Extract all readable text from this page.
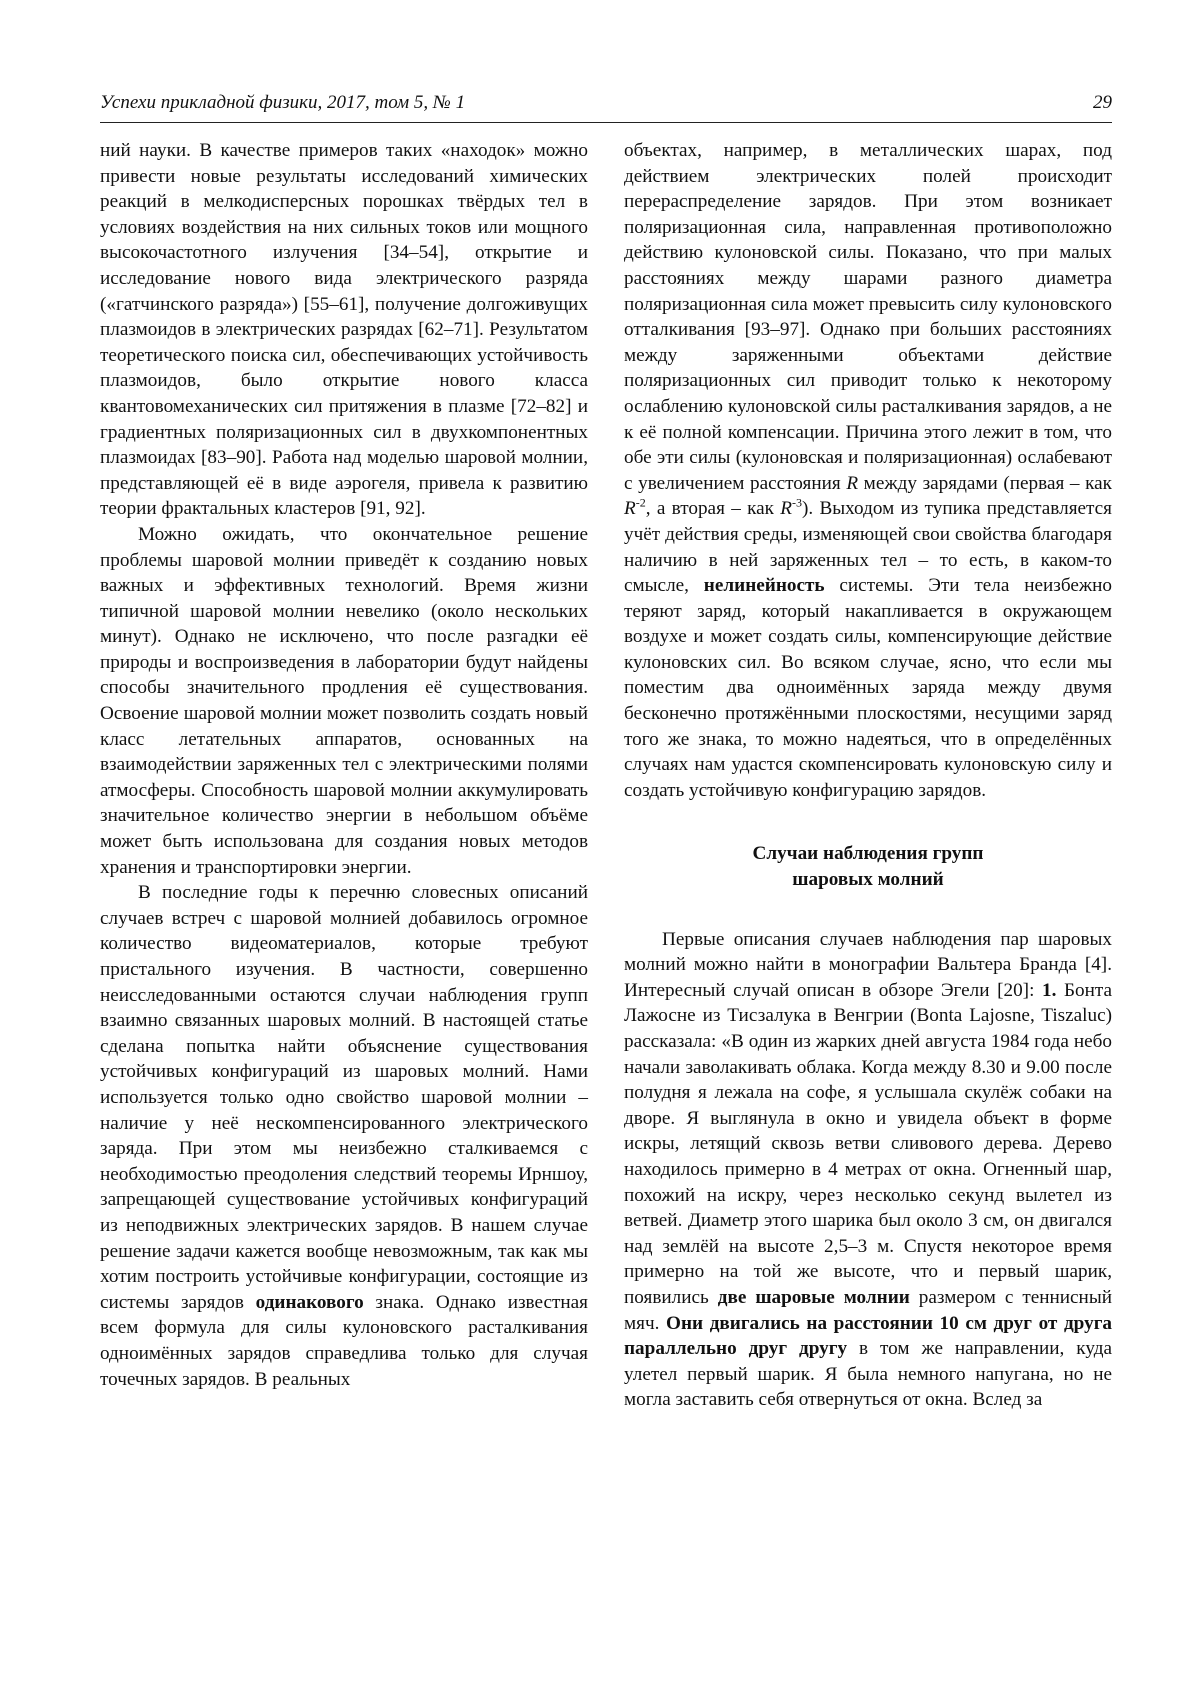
Успехи прикладной физики, 2017, том 5, № 1	29

ний науки. В качестве примеров таких «находок» можно привести новые результаты исследований химических реакций в мелкодисперсных порошках твёрдых тел в условиях воздействия на них сильных токов или мощного высокочастотного излучения [34–54], открытие и исследование нового вида электрического разряда («гатчинского разряда») [55–61], получение долгоживущих плазмоидов в электрических разрядах [62–71]. Результатом теоретического поиска сил, обеспечивающих устойчивость плазмоидов, было открытие нового класса квантовомеханических сил притяжения в плазме [72–82] и градиентных поляризационных сил в двухкомпонентных плазмоидах [83–90]. Работа над моделью шаровой молнии, представляющей её в виде аэрогеля, привела к развитию теории фрактальных кластеров [91, 92].

Можно ожидать, что окончательное решение проблемы шаровой молнии приведёт к созданию новых важных и эффективных технологий. Время жизни типичной шаровой молнии невелико (около нескольких минут). Однако не исключено, что после разгадки её природы и воспроизведения в лаборатории будут найдены способы значительного продления её существования. Освоение шаровой молнии может позволить создать новый класс летательных аппаратов, основанных на взаимодействии заряженных тел с электрическими полями атмосферы. Способность шаровой молнии аккумулировать значительное количество энергии в небольшом объёме может быть использована для создания новых методов хранения и транспортировки энергии.

В последние годы к перечню словесных описаний случаев встреч с шаровой молнией добавилось огромное количество видеоматериалов, которые требуют пристального изучения. В частности, совершенно неисследованными остаются случаи наблюдения групп взаимно связанных шаровых молний. В настоящей статье сделана попытка найти объяснение существования устойчивых конфигураций из шаровых молний. Нами используется только одно свойство шаровой молнии – наличие у неё нескомпенсированного электрического заряда. При этом мы неизбежно сталкиваемся с необходимостью преодоления следствий теоремы Ирншоу, запрещающей существование устойчивых конфигураций из неподвижных электрических зарядов. В нашем случае решение задачи кажется вообще невозможным, так как мы хотим построить устойчивые конфигурации, состоящие из системы зарядов одинакового знака. Однако известная всем формула для силы кулоновского расталкивания одноимённых зарядов справедлива только для случая точечных зарядов. В реальных

объектах, например, в металлических шарах, под действием электрических полей происходит перераспределение зарядов. При этом возникает поляризационная сила, направленная противоположно действию кулоновской силы. Показано, что при малых расстояниях между шарами разного диаметра поляризационная сила может превысить силу кулоновского отталкивания [93–97]. Однако при больших расстояниях между заряженными объектами действие поляризационных сил приводит только к некоторому ослаблению кулоновской силы расталкивания зарядов, а не к её полной компенсации. Причина этого лежит в том, что обе эти силы (кулоновская и поляризационная) ослабевают с увеличением расстояния R между зарядами (первая – как $R^{-2}$, а вторая – как $R^{-3}$). Выходом из тупика представляется учёт действия среды, изменяющей свои свойства благодаря наличию в ней заряженных тел – то есть, в каком-то смысле, нелинейность системы. Эти тела неизбежно теряют заряд, который накапливается в окружающем воздухе и может создать силы, компенсирующие действие кулоновских сил. Во всяком случае, ясно, что если мы поместим два одноимённых заряда между двумя бесконечно протяжёнными плоскостями, несущими заряд того же знака, то можно надеяться, что в определённых случаях нам удастся скомпенсировать кулоновскую силу и создать устойчивую конфигурацию зарядов.

Случаи наблюдения групп
шаровых молний

Первые описания случаев наблюдения пар шаровых молний можно найти в монографии Вальтера Бранда [4]. Интересный случай описан в обзоре Эгели [20]: 1. Бонта Лажосне из Тисзалука в Венгрии (Bonta Lajosne, Tiszaluc) рассказала: «В один из жарких дней августа 1984 года небо начали заволакивать облака. Когда между 8.30 и 9.00 после полудня я лежала на софе, я услышала скулёж собаки на дворе. Я выглянула в окно и увидела объект в форме искры, летящий сквозь ветви сливового дерева. Дерево находилось примерно в 4 метрах от окна. Огненный шар, похожий на искру, через несколько секунд вылетел из ветвей. Диаметр этого шарика был около 3 см, он двигался над землёй на высоте 2,5–3 м. Спустя некоторое время примерно на той же высоте, что и первый шарик, появились две шаровые молнии размером с теннисный мяч. Они двигались на расстоянии 10 см друг от друга параллельно друг другу в том же направлении, куда улетел первый шарик. Я была немного напугана, но не могла заставить себя отвернуться от окна. Вслед за
